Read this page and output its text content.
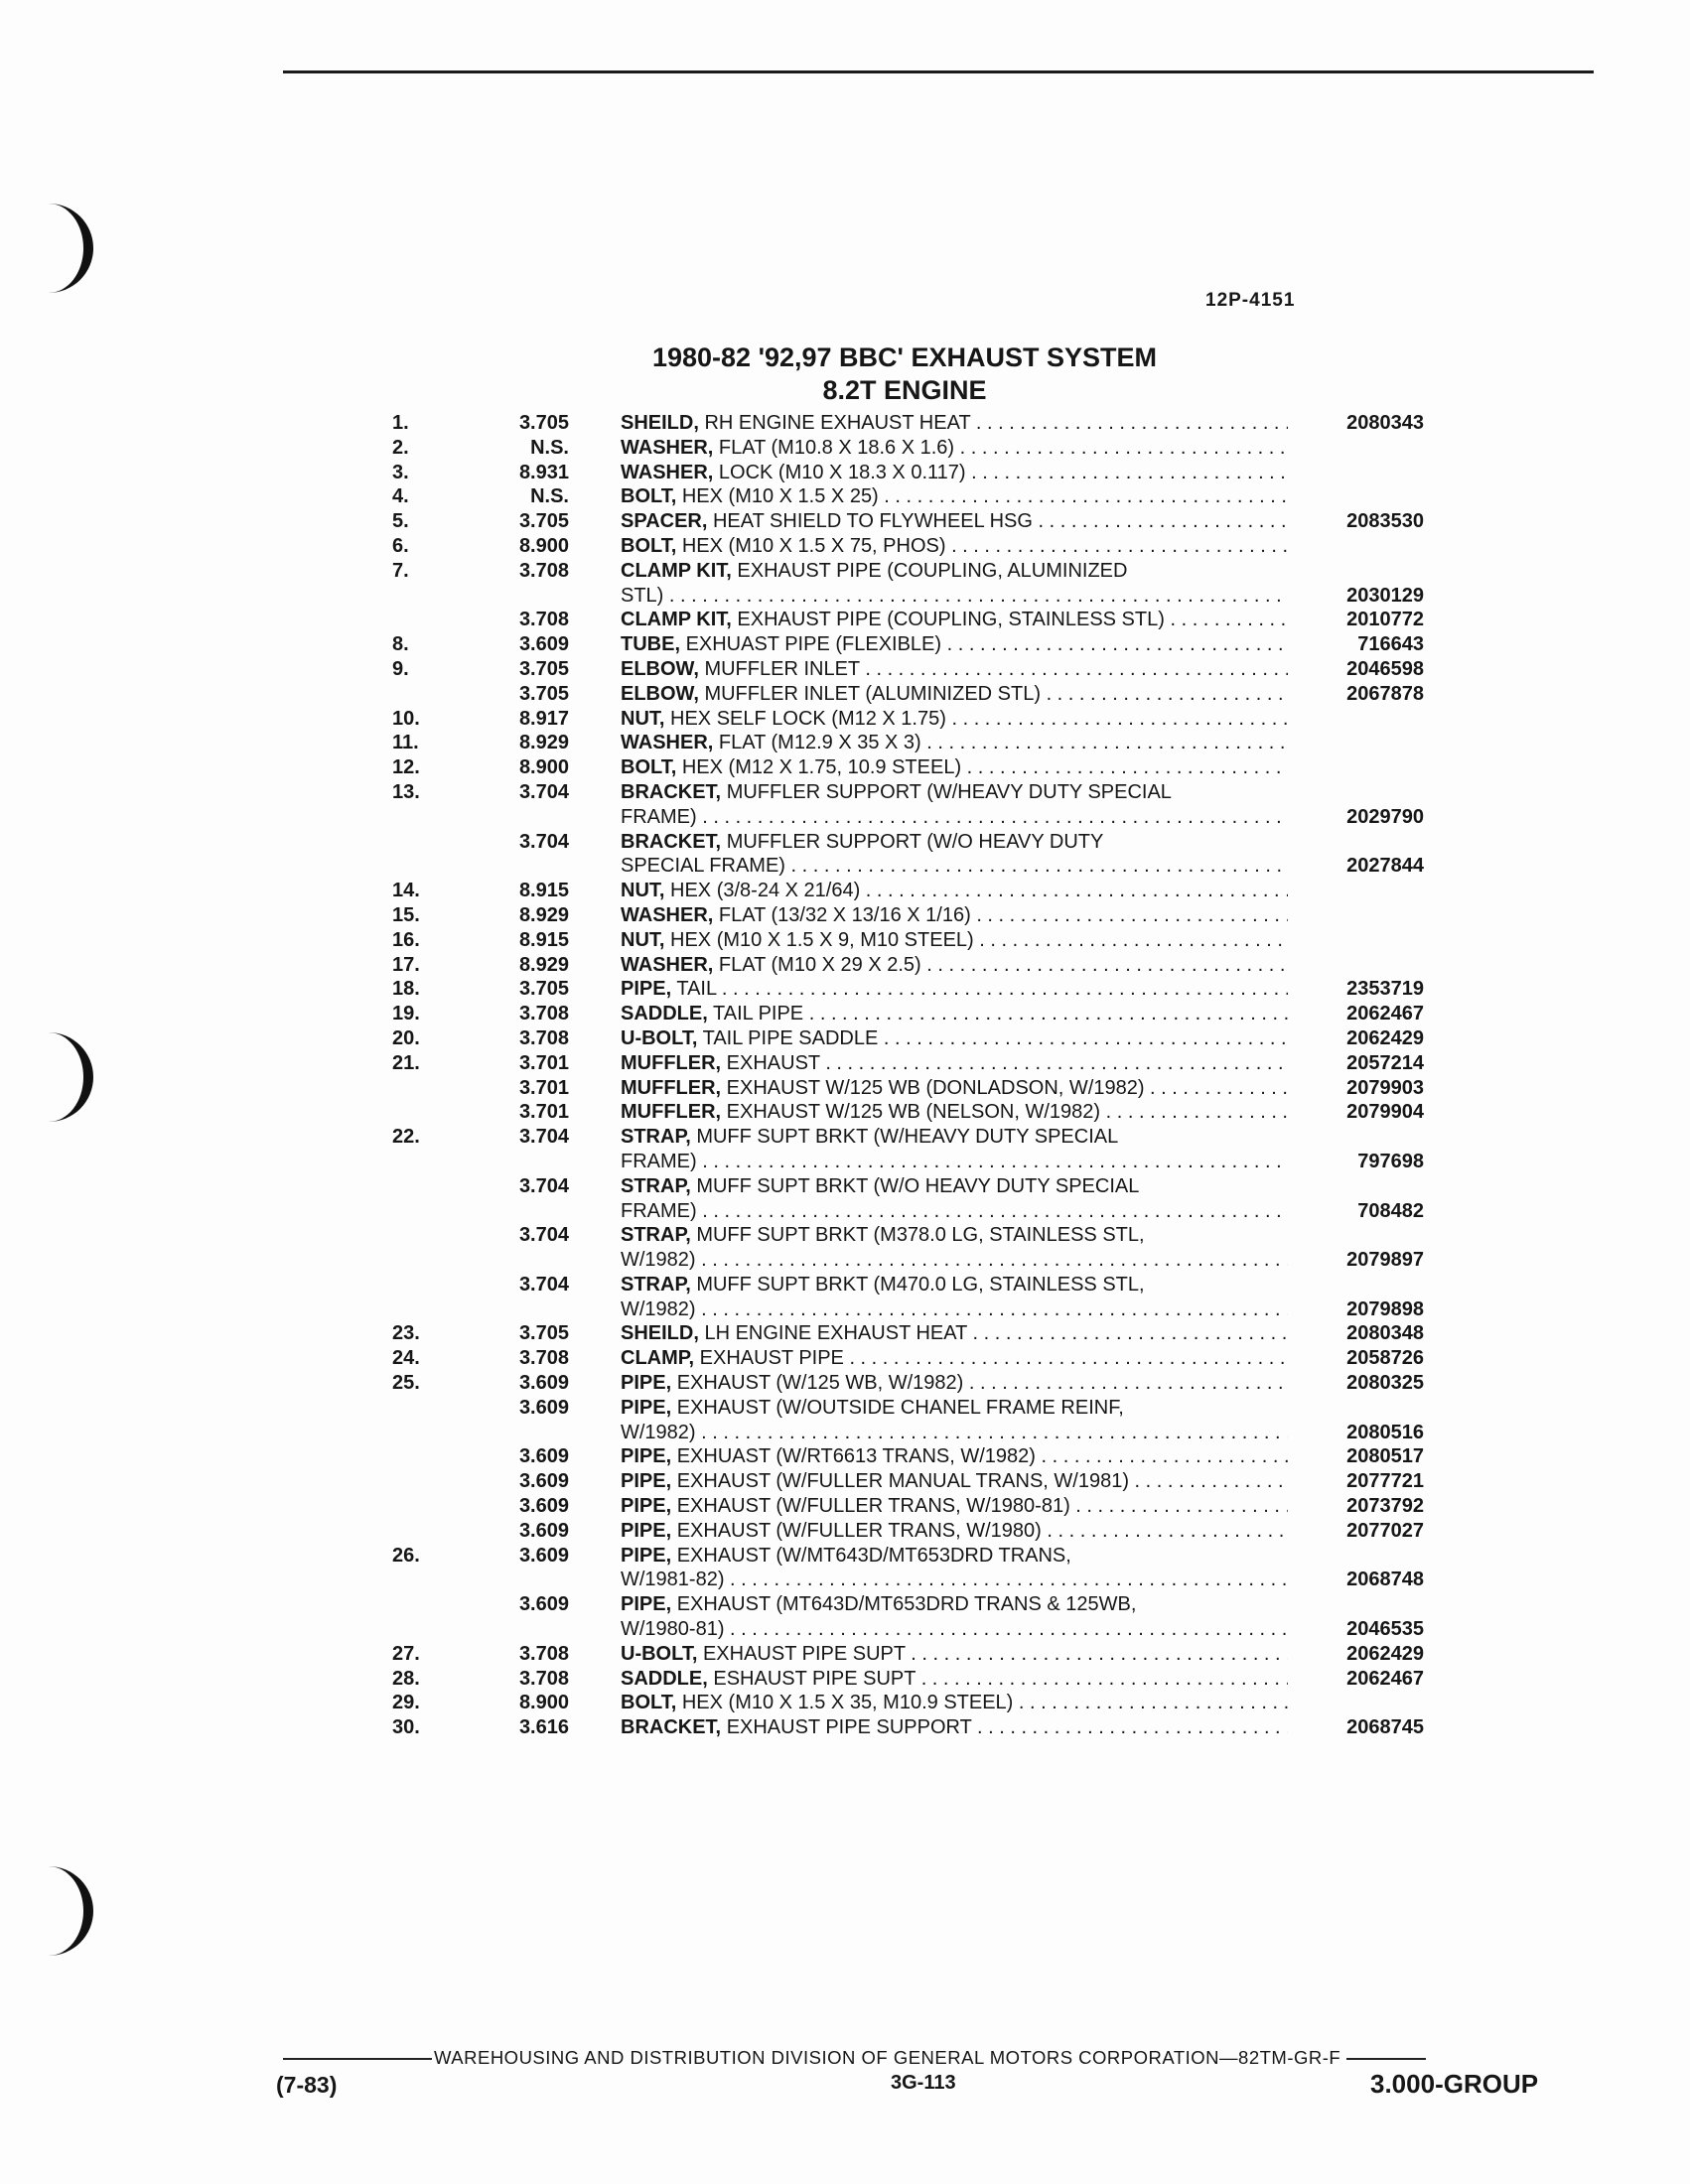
12P-4151
1980-82 '92,97 BBC' EXHAUST SYSTEM
8.2T ENGINE
1.	3.705	SHEILD, RH ENGINE EXHAUST HEAT . . .	2080343
2.	N.S.	WASHER, FLAT (M10.8 X 18.6 X 1.6) . . .
3.	8.931	WASHER, LOCK (M10 X 18.3 X 0.117) . . .
4.	N.S.	BOLT, HEX (M10 X 1.5 X 25) . . .
5.	3.705	SPACER, HEAT SHIELD TO FLYWHEEL HSG . . .	2083530
6.	8.900	BOLT, HEX (M10 X 1.5 X 75, PHOS) . . .
7.	3.708	CLAMP KIT, EXHAUST PIPE (COUPLING, ALUMINIZED
STL) . . .	2030129
3.708	CLAMP KIT, EXHAUST PIPE (COUPLING, STAINLESS STL) . . .	2010772
8.	3.609	TUBE, EXHUAST PIPE (FLEXIBLE) . . .	716643
9.	3.705	ELBOW, MUFFLER INLET . . .	2046598
3.705	ELBOW, MUFFLER INLET (ALUMINIZED STL) . . .	2067878
10.	8.917	NUT, HEX SELF LOCK (M12 X 1.75) . . .
11.	8.929	WASHER, FLAT (M12.9 X 35 X 3) . . .
12.	8.900	BOLT, HEX (M12 X 1.75, 10.9 STEEL) . . .
13.	3.704	BRACKET, MUFFLER SUPPORT (W/HEAVY DUTY SPECIAL
FRAME) . . .	2029790
3.704	BRACKET, MUFFLER SUPPORT (W/O HEAVY DUTY
SPECIAL FRAME) . . .	2027844
14.	8.915	NUT, HEX (3/8-24 X 21/64) . . .
15.	8.929	WASHER, FLAT (13/32 X 13/16 X 1/16) . . .
16.	8.915	NUT, HEX (M10 X 1.5 X 9, M10 STEEL) . . .
17.	8.929	WASHER, FLAT (M10 X 29 X 2.5) . . .
18.	3.705	PIPE, TAIL . . .	2353719
19.	3.708	SADDLE, TAIL PIPE . . .	2062467
20.	3.708	U-BOLT, TAIL PIPE SADDLE . . .	2062429
21.	3.701	MUFFLER, EXHAUST . . .	2057214
3.701	MUFFLER, EXHAUST W/125 WB (DONLADSON, W/1982) . . .	2079903
3.701	MUFFLER, EXHAUST W/125 WB (NELSON, W/1982) . . .	2079904
22.	3.704	STRAP, MUFF SUPT BRKT (W/HEAVY DUTY SPECIAL
FRAME) . . .	797698
3.704	STRAP, MUFF SUPT BRKT (W/O HEAVY DUTY SPECIAL
FRAME) . . .	708482
3.704	STRAP, MUFF SUPT BRKT (M378.0 LG, STAINLESS STL,
W/1982) . . .	2079897
3.704	STRAP, MUFF SUPT BRKT (M470.0 LG, STAINLESS STL,
W/1982) . . .	2079898
23.	3.705	SHEILD, LH ENGINE EXHAUST HEAT . . .	2080348
24.	3.708	CLAMP, EXHAUST PIPE . . .	2058726
25.	3.609	PIPE, EXHAUST (W/125 WB, W/1982) . . .	2080325
3.609	PIPE, EXHAUST (W/OUTSIDE CHANEL FRAME REINF,
W/1982) . . .	2080516
3.609	PIPE, EXHUAST (W/RT6613 TRANS, W/1982) . . .	2080517
3.609	PIPE, EXHAUST (W/FULLER MANUAL TRANS, W/1981) . . .	2077721
3.609	PIPE, EXHAUST (W/FULLER TRANS, W/1980-81) . . .	2073792
3.609	PIPE, EXHAUST (W/FULLER TRANS, W/1980) . . .	2077027
26.	3.609	PIPE, EXHAUST (W/MT643D/MT653DRD TRANS,
W/1981-82) . . .	2068748
3.609	PIPE, EXHAUST (MT643D/MT653DRD TRANS & 125WB,
W/1980-81) . . .	2046535
27.	3.708	U-BOLT, EXHAUST PIPE SUPT . . .	2062429
28.	3.708	SADDLE, ESHAUST PIPE SUPT . . .	2062467
29.	8.900	BOLT, HEX (M10 X 1.5 X 35, M10.9 STEEL) . . .
30.	3.616	BRACKET, EXHAUST PIPE SUPPORT . . .	2068745
WAREHOUSING AND DISTRIBUTION DIVISION OF GENERAL MOTORS CORPORATION—82TM-GR-F
(7-83)	3G-113	3.000-GROUP
